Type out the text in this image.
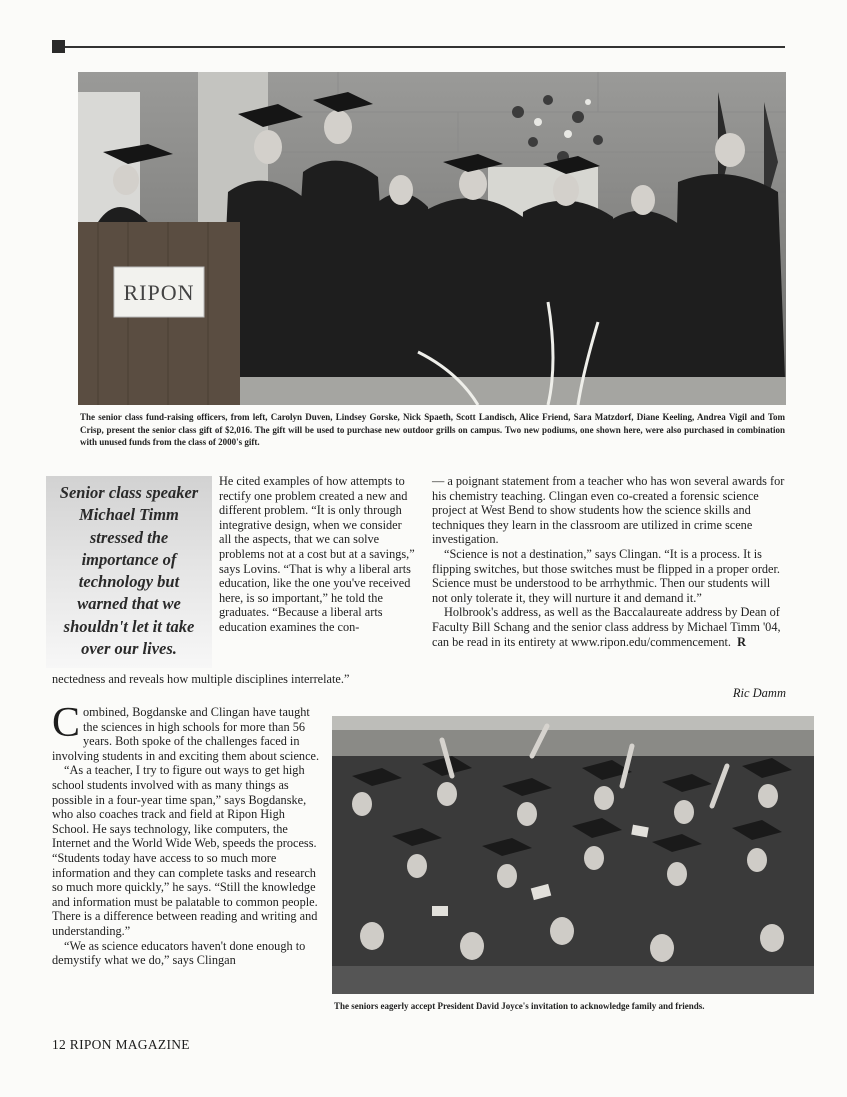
RIPON
The senior class fund-raising officers, from left, Carolyn Duven, Lindsey Gorske, Nick Spaeth, Scott Landisch, Alice Friend, Sara Matzdorf, Diane Keeling, Andrea Vigil and Tom Crisp, present the senior class gift of $2,016. The gift will be used to purchase new outdoor grills on campus. Two new podiums, one shown here, were also purchased in combination with unused funds from the class of 2000's gift.
Senior class speaker Michael Timm stressed the importance of technology but warned that we shouldn't let it take over our lives.

He cited examples of how attempts to rectify one problem created a new and different problem. “It is only through integrative design, when we consider all the aspects, that we can solve problems not at a cost but at a savings,” says Lovins. “That is why a liberal arts education, like the one you've received here, is so important,” he told the graduates. “Because a liberal arts education examines the con-

nectedness and reveals how multiple disciplines interrelate.”

— a poignant statement from a teacher who has won several awards for his chemistry teaching. Clingan even co-created a forensic science project at West Bend to show students how the science skills and techniques they learn in the classroom are utilized in crime scene investigation.

“Science is not a destination,” says Clingan. “It is a process. It is flipping switches, but those switches must be flipped in a proper order. Science must be understood to be arrhythmic. Then our students will not only tolerate it, they will nurture it and demand it.”

Holbrook's address, as well as the Baccalaureate address by Dean of Faculty Bill Schang and the senior class address by Michael Timm '04, can be read in its entirety at www.ripon.edu/commencement. R

Ric Damm

Combined, Bogdanske and Clingan have taught the sciences in high schools for more than 56 years. Both spoke of the challenges faced in involving students in and exciting them about science.

“As a teacher, I try to figure out ways to get high school students involved with as many things as possible in a four-year time span,” says Bogdanske, who also coaches track and field at Ripon High School. He says technology, like computers, the Internet and the World Wide Web, speeds the process. “Students today have access to so much more information and they can complete tasks and research so much more quickly,” he says. “Still the knowledge and information must be palatable to common people. There is a difference between reading and writing and understanding.”

“We as science educators haven't done enough to demystify what we do,” says Clingan

The seniors eagerly accept President David Joyce's invitation to acknowledge family and friends.
12 RIPON MAGAZINE
